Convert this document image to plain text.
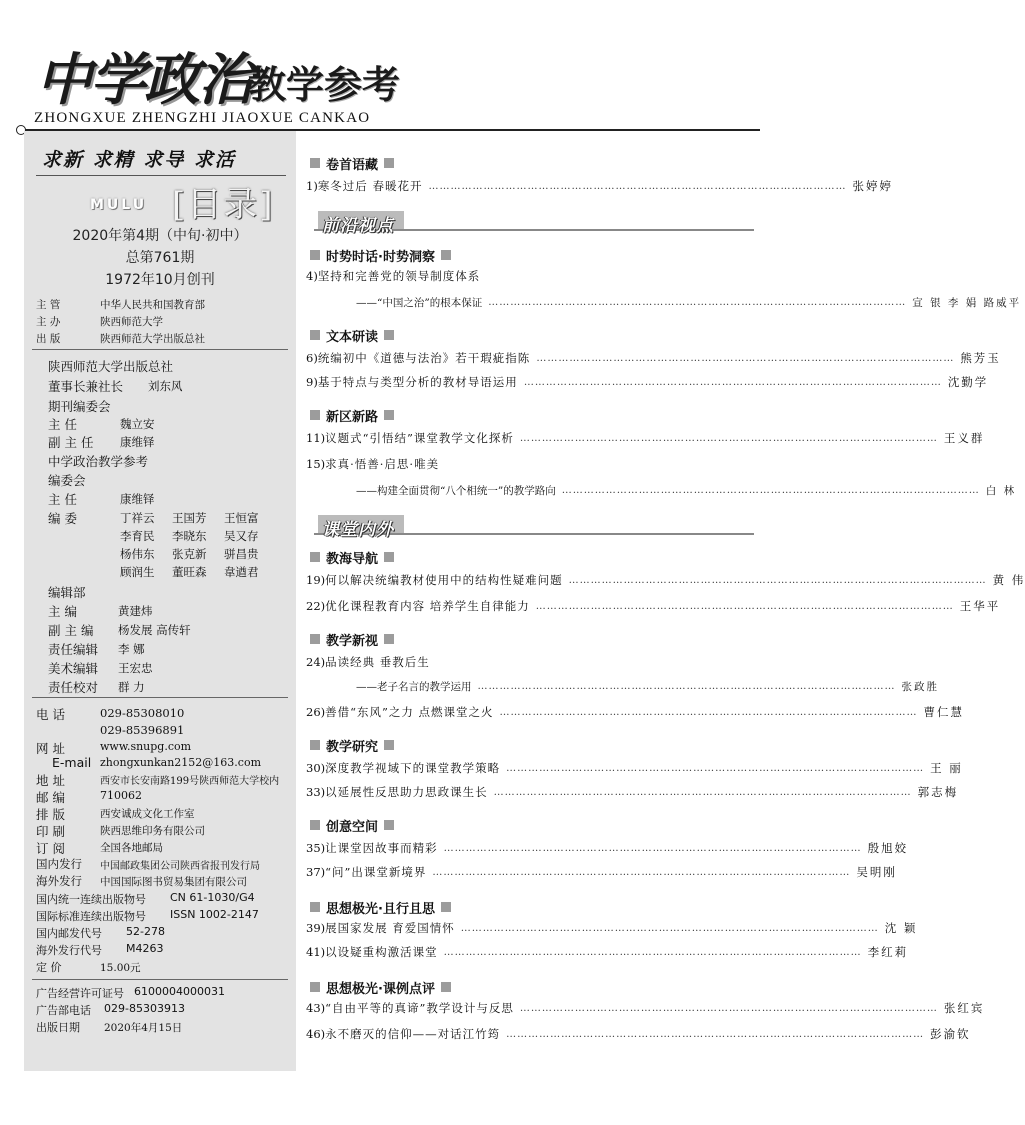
中学政治
教学参考
ZHONGXUE ZHENGZHI JIAOXUE CANKAO
求新 求精 求导 求活
MULU [目录]
2020年第4期（中旬·初中）
总第761期
1972年10月创刊
主 管	中华人民共和国教育部
主 办	陕西师范大学
出 版	陕西师范大学出版总社
陕西师范大学出版总社
董事长兼社长 刘东风
期刊编委会
主 任	魏立安
副 主 任 康维铎
中学政治教学参考
编委会
主 任	康维铎
编 委	丁祥云 王国芳 王恒富
李育民 李晓东 吴又存
杨伟东 张克新 骈昌贵
顾润生 董旺森 韋遒君
编辑部
主 编	黄建炜
副 主 编 杨发展 高传轩
责任编辑 李 娜
美术编辑 王宏忠
责任校对 群 力
电 话	029-85308010
029-85396891
网 址	www.snupg.com
E-mail zhongxunkan2152@163.com
地 址	西安市长安南路199号陕西师范大学校内
邮 编	710062
排 版	西安诚成文化工作室
印 刷	陕西思维印务有限公司
订 阅	全国各地邮局
国内发行 中国邮政集团公司陕西省报刊发行局
海外发行 中国国际图书贸易集团有限公司
国内统一连续出版物号 CN 61-1030/G4
国际标准连续出版物号 ISSN 1002-2147
国内邮发代号 52-278
海外发行代号 M4263
定 价	15.00元
广告经营许可证号 6100004000031
广告部电话 029-85303913
出版日期 2020年4月15日
卷首语藏
1) 寒冬过后 春暖花开 …………………………………………………………………………………………………… 张婷婷
前沿视点
时势时话·时势洞察
4) 坚持和完善党的领导制度体系
——“中国之治”的根本保证 …………………………………………………………………………………………………… 宣 银 李 娟 路威平
文本研读
6) 统编初中《道德与法治》若干瑕疵指陈 …………………………………………………………………………………………………… 熊芳玉
9) 基于特点与类型分析的教材导语运用 …………………………………………………………………………………………………… 沈勤学
新区新路
11) 议题式“引悟结”课堂教学文化探析 …………………………………………………………………………………………………… 王义群
15) 求真·悟善·启思·唯美
——构建全面贯彻“八个相统一”的教学路向 …………………………………………………………………………………………………… 白 林
课堂内外
教海导航
19) 何以解决统编教材使用中的结构性疑难问题 …………………………………………………………………………………………………… 黄 伟
22) 优化课程教育内容 培养学生自律能力 …………………………………………………………………………………………………… 王华平
教学新视
24) 品读经典 垂教后生
——老子名言的教学运用 …………………………………………………………………………………………………… 张政胜
26) 善借“东风”之力 点燃课堂之火 …………………………………………………………………………………………………… 曹仁慧
教学研究
30) 深度教学视域下的课堂教学策略 …………………………………………………………………………………………………… 王 丽
33) 以延展性反思助力思政课生长 …………………………………………………………………………………………………… 郭志梅
创意空间
35) 让课堂因故事而精彩 …………………………………………………………………………………………………… 殷旭姣
37) “问”出课堂新境界 …………………………………………………………………………………………………… 吴明刚
思想极光·且行且思
39) 展国家发展 育爱国情怀 …………………………………………………………………………………………………… 沈 颖
41) 以设疑重构激活课堂 …………………………………………………………………………………………………… 李红莉
思想极光·课例点评
43) “自由平等的真谛”教学设计与反思 …………………………………………………………………………………………………… 张红宾
46) 永不磨灭的信仰——对话江竹筠 …………………………………………………………………………………………………… 彭渝钦
